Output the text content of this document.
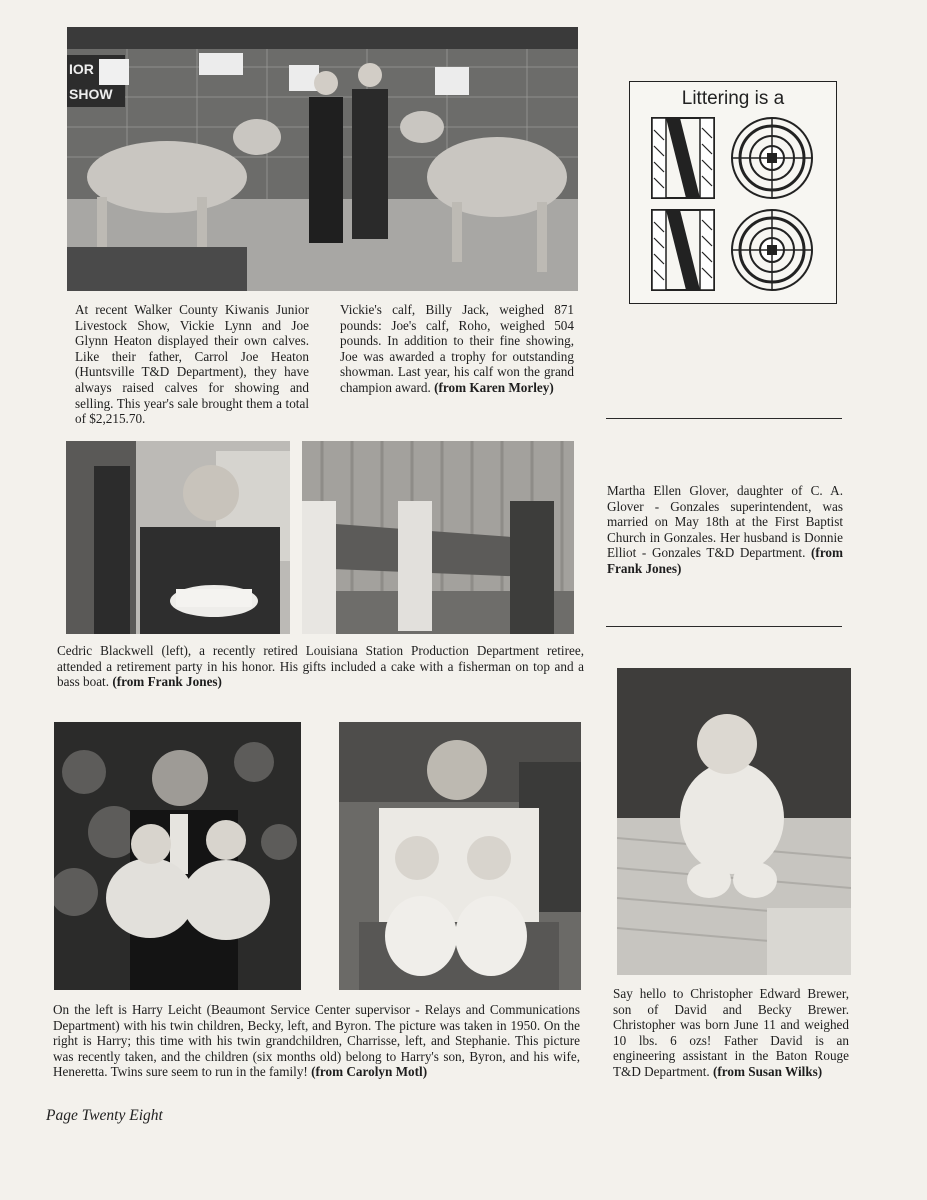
IOR
SHOW

At recent Walker County Kiwanis Junior Livestock Show, Vickie Lynn and Joe Glynn Heaton displayed their own calves. Like their father, Carrol Joe Heaton (Huntsville T&D Department), they have always raised calves for showing and selling. This year's sale brought them a total of $2,215.70.

Vickie's calf, Billy Jack, weighed 871 pounds: Joe's calf, Roho, weighed 504 pounds. In addition to their fine showing, Joe was awarded a trophy for outstanding showman. Last year, his calf won the grand champion award. (from Karen Morley)

Littering is a

Martha Ellen Glover, daughter of C. A. Glover - Gonzales superintendent, was married on May 18th at the First Baptist Church in Gonzales. Her husband is Donnie Elliot - Gonzales T&D Department. (from Frank Jones)

Cedric Blackwell (left), a recently retired Louisiana Station Production Department retiree, attended a retirement party in his honor. His gifts included a cake with a fisherman on top and a bass boat. (from Frank Jones)

On the left is Harry Leicht (Beaumont Service Center supervisor - Relays and Communications Department) with his twin children, Becky, left, and Byron. The picture was taken in 1950. On the right is Harry; this time with his twin grandchildren, Charrisse, left, and Stephanie. This picture was recently taken, and the children (six months old) belong to Harry's son, Byron, and his wife, Heneretta. Twins sure seem to run in the family! (from Carolyn Motl)

Say hello to Christopher Edward Brewer, son of David and Becky Brewer. Christopher was born June 11 and weighed 10 lbs. 6 ozs! Father David is an engineering assistant in the Baton Rouge T&D Department. (from Susan Wilks)

Page Twenty Eight
